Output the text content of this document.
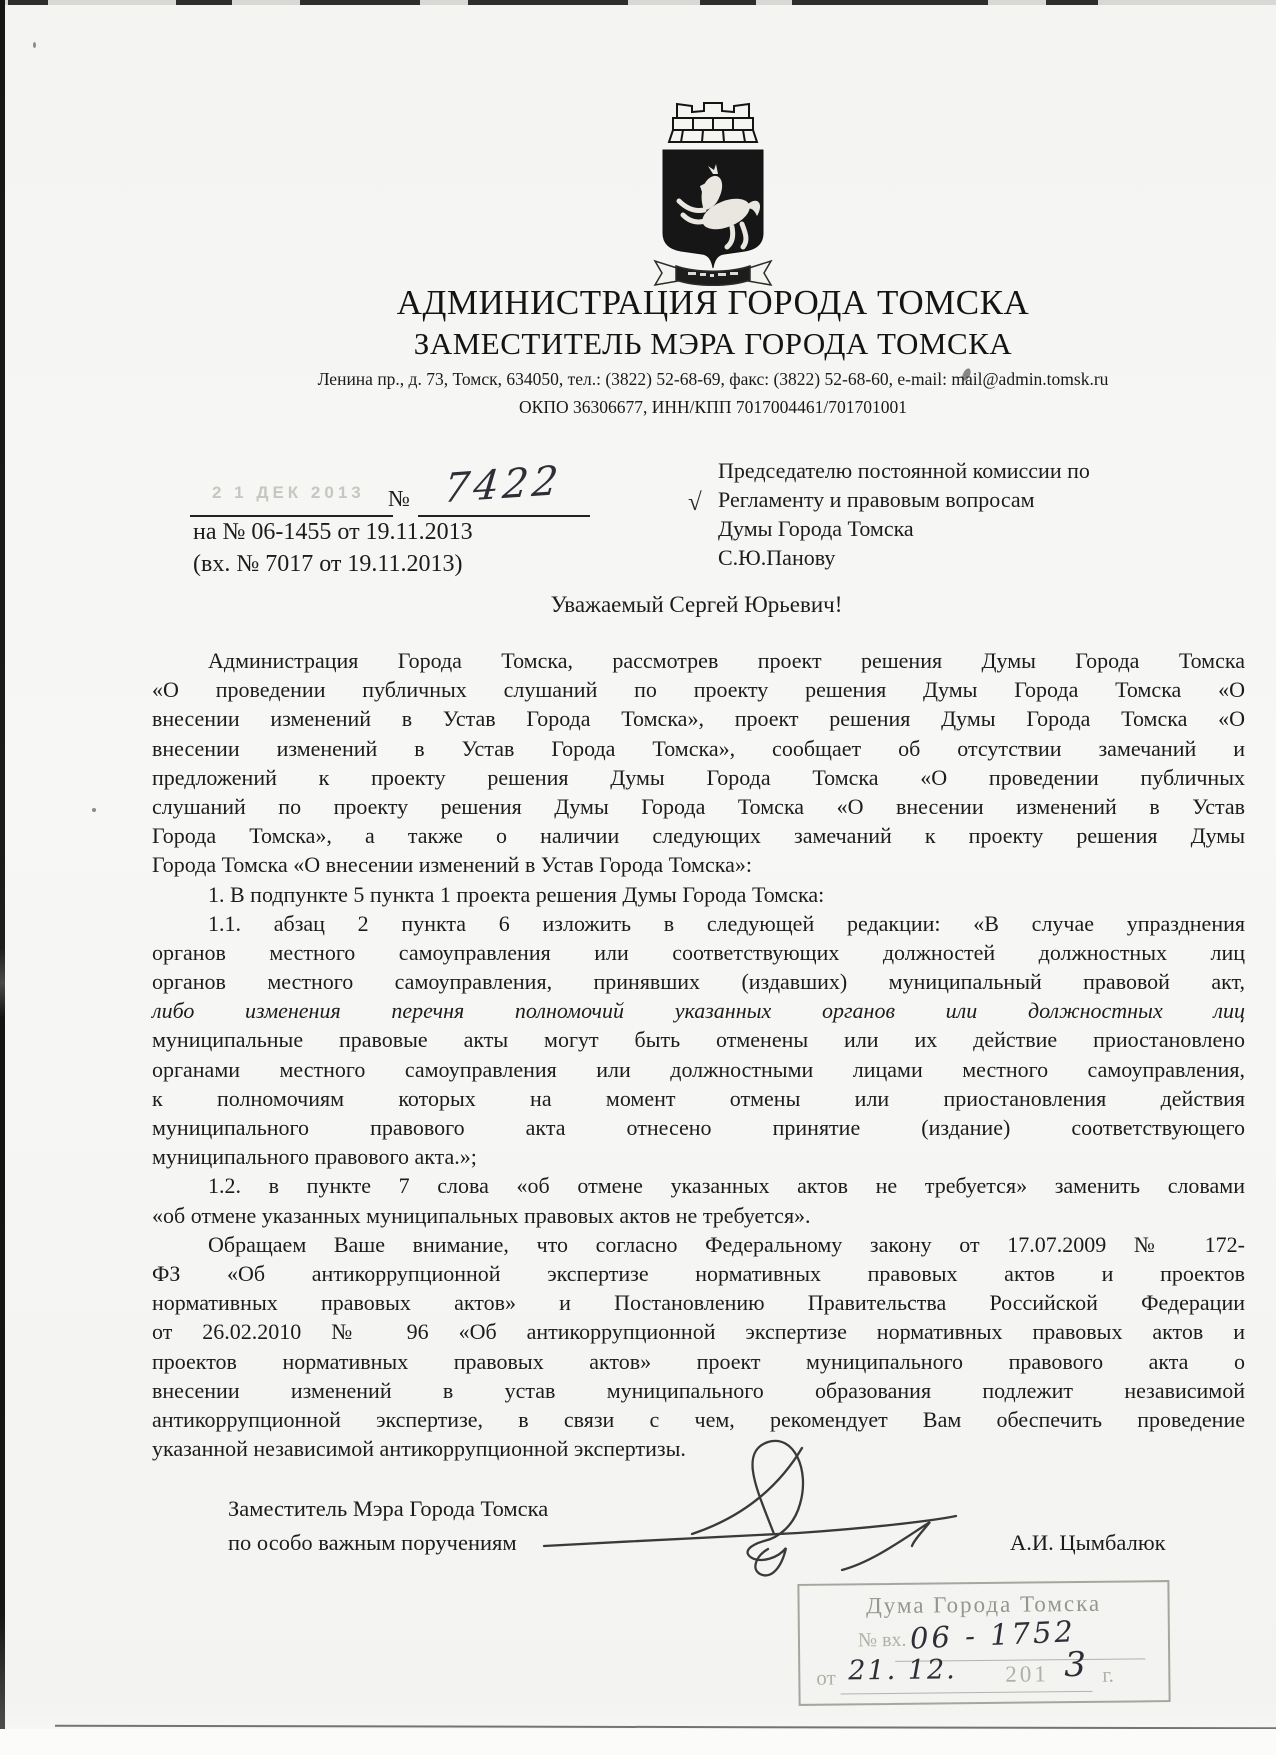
АДМИНИСТРАЦИЯ ГОРОДА ТОМСКА
ЗАМЕСТИТЕЛЬ МЭРА ГОРОДА ТОМСКА
Ленина пр., д. 73, Томск, 634050, тел.: (3822) 52-68-69, факс: (3822) 52-68-60, e-mail: mail@admin.tomsk.ru
ОКПО 36306677, ИНН/КПП 7017004461/701701001
2 1 ДЕК 2013 № 7422
на № 06-1455 от 19.11.2013
(вх. № 7017 от 19.11.2013)
√
Председателю постоянной комиссии по
Регламенту и правовым вопросам
Думы Города Томска
С.Ю.Панову
Уважаемый Сергей Юрьевич!
Администрация Города Томска, рассмотрев проект решения Думы Города Томска
«О проведении публичных слушаний по проекту решения Думы Города Томска «О
внесении изменений в Устав Города Томска», проект решения Думы Города Томска «О
внесении изменений в Устав Города Томска», сообщает об отсутствии замечаний и
предложений к проекту решения Думы Города Томска «О проведении публичных
слушаний по проекту решения Думы Города Томска «О внесении изменений в Устав
Города Томска», а также о наличии следующих замечаний к проекту решения Думы
Города Томска «О внесении изменений в Устав Города Томска»:
1. В подпункте 5 пункта 1 проекта решения Думы Города Томска:
1.1. абзац 2 пункта 6 изложить в следующей редакции: «В случае упразднения
органов местного самоуправления или соответствующих должностей должностных лиц
органов местного самоуправления, принявших (издавших) муниципальный правовой акт,
либо изменения перечня полномочий указанных органов или должностных лиц
муниципальные правовые акты могут быть отменены или их действие приостановлено
органами местного самоуправления или должностными лицами местного самоуправления,
к полномочиям которых на момент отмены или приостановления действия
муниципального правового акта отнесено принятие (издание) соответствующего
муниципального правового акта.»;
1.2. в пункте 7 слова «об отмене указанных актов не требуется» заменить словами
«об отмене указанных муниципальных правовых актов не требуется».
Обращаем Ваше внимание, что согласно Федеральному закону от 17.07.2009 № 172-
ФЗ «Об антикоррупционной экспертизе нормативных правовых актов и проектов
нормативных правовых актов» и Постановлению Правительства Российской Федерации
от 26.02.2010 № 96 «Об антикоррупционной экспертизе нормативных правовых актов и
проектов нормативных правовых актов» проект муниципального правового акта о
внесении изменений в устав муниципального образования подлежит независимой
антикоррупционной экспертизе, в связи с чем, рекомендует Вам обеспечить проведение
указанной независимой антикоррупционной экспертизы.
Заместитель Мэра Города Томска
по особо важным поручениям	А.И. Цымбалюк
Дума Города Томска
№ вх. 06 - 1752
от 21. 12. 201 3 г.
